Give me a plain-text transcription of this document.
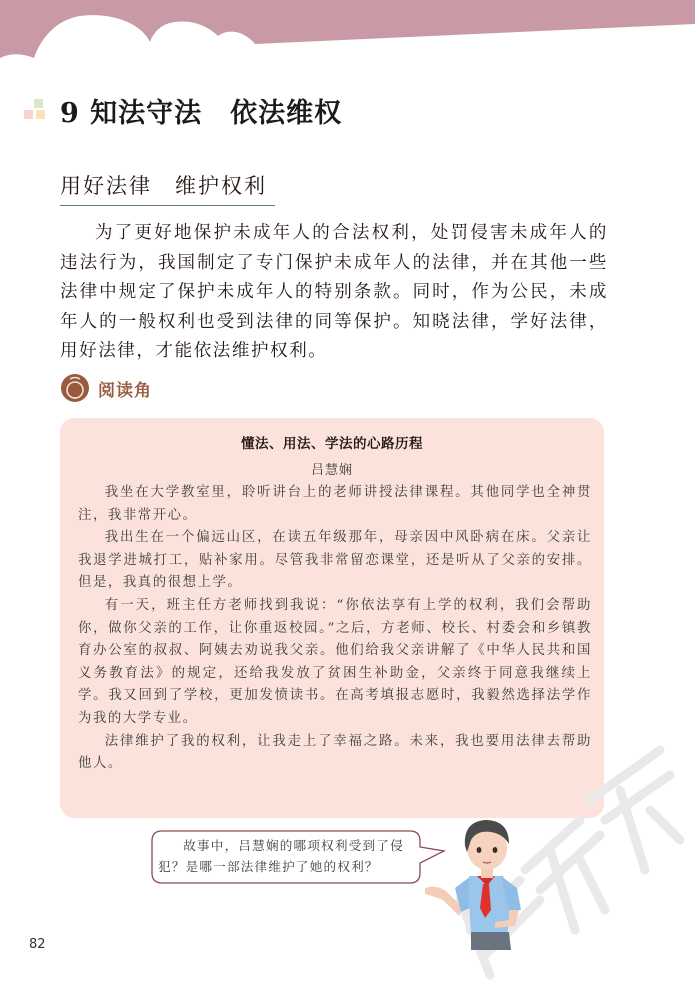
9 知法守法　依法维权
用好法律　维护权利

为了更好地保护未成年人的合法权利，处罚侵害未成年人的违法行为，我国制定了专门保护未成年人的法律，并在其他一些法律中规定了保护未成年人的特别条款。同时，作为公民，未成年人的一般权利也受到法律的同等保护。知晓法律，学好法律，用好法律，才能依法维护权利。

阅读角
懂法、用法、学法的心路历程
吕慧娴

我坐在大学教室里，聆听讲台上的老师讲授法律课程。其他同学也全神贯注，我非常开心。

我出生在一个偏远山区，在读五年级那年，母亲因中风卧病在床。父亲让我退学进城打工，贴补家用。尽管我非常留恋课堂，还是听从了父亲的安排。但是，我真的很想上学。

有一天，班主任方老师找到我说：“你依法享有上学的权利，我们会帮助你，做你父亲的工作，让你重返校园。”之后，方老师、校长、村委会和乡镇教育办公室的叔叔、阿姨去劝说我父亲。他们给我父亲讲解了《中华人民共和国义务教育法》的规定，还给我发放了贫困生补助金，父亲终于同意我继续上学。我又回到了学校，更加发愤读书。在高考填报志愿时，我毅然选择法学作为我的大学专业。

法律维护了我的权利，让我走上了幸福之路。未来，我也要用法律去帮助他人。

故事中，吕慧娴的哪项权利受到了侵犯？是哪一部法律维护了她的权利？

82
